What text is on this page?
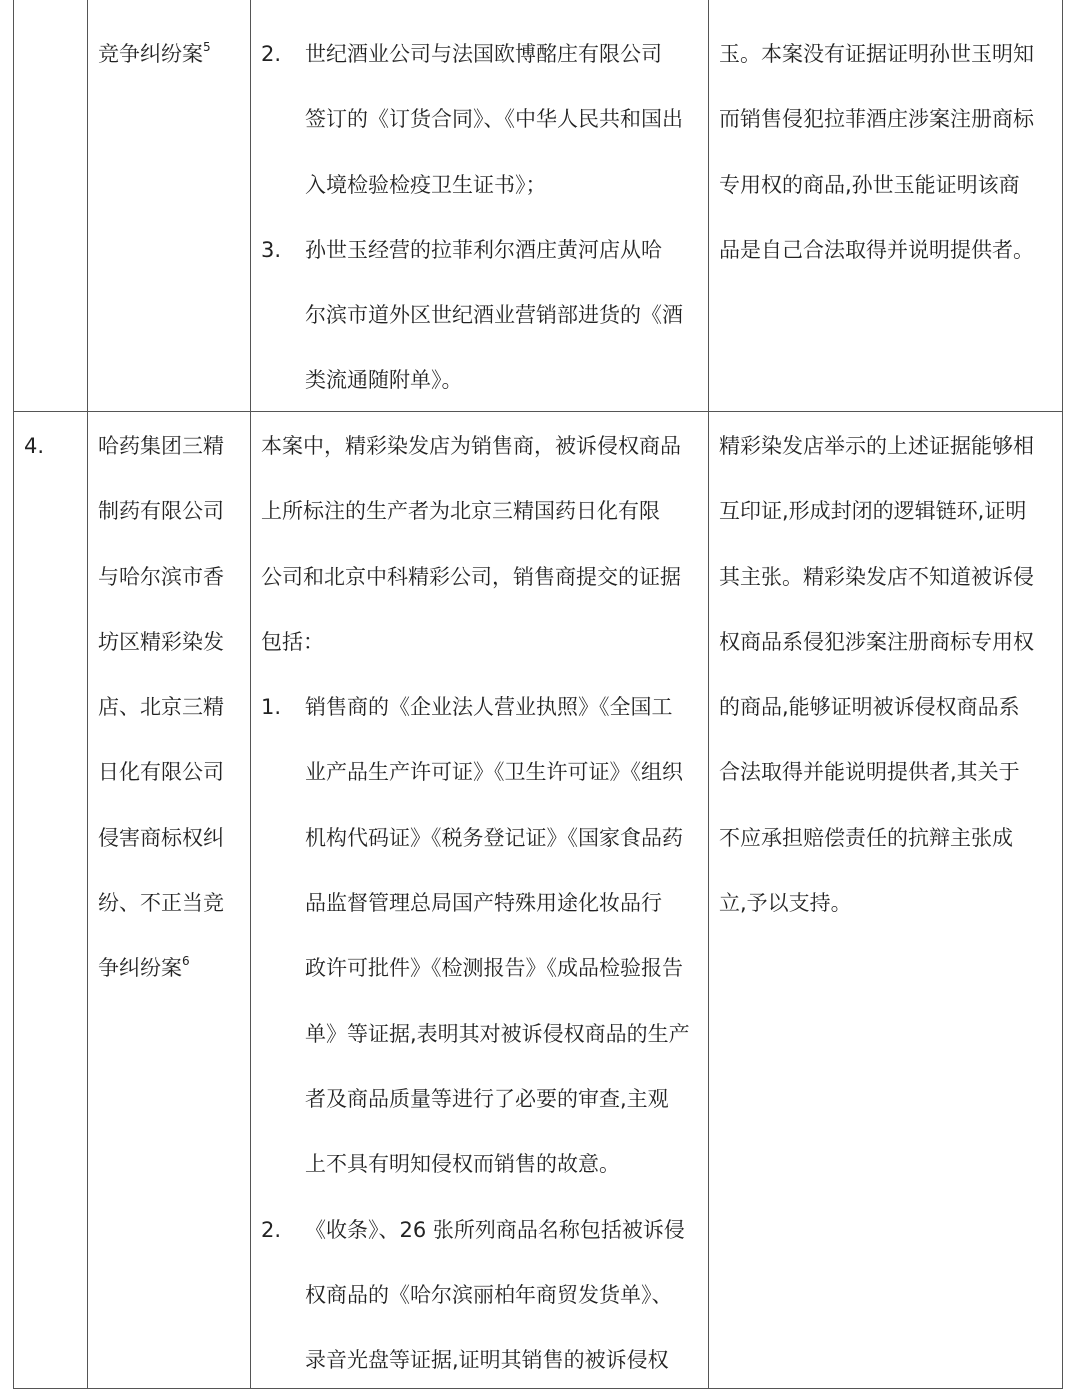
竞争纠纷案$^5$ 2. 世纪酒业公司与法国欧博酩庄有限公司
签订的《订货合同》、《中华人民共和国出
入境检验检疫卫生证书》；
3. 孙世玉经营的拉菲利尔酒庄黄河店从哈
尔滨市道外区世纪酒业营销部进货的《酒
类流通随附单》。
玉。本案没有证据证明孙世玉明知
而销售侵犯拉菲酒庄涉案注册商标
专用权的商品,孙世玉能证明该商
品是自己合法取得并说明提供者。
4.	哈药集团三精
制药有限公司
与哈尔滨市香
坊区精彩染发
店、北京三精
日化有限公司
侵害商标权纠
纷、不正当竞
争纠纷案$^6$
本案中，精彩染发店为销售商，被诉侵权商品
上所标注的生产者为北京三精国药日化有限
公司和北京中科精彩公司，销售商提交的证据
包括：
1. 销售商的《企业法人营业执照》《全国工
业产品生产许可证》《卫生许可证》《组织
机构代码证》《税务登记证》《国家食品药
品监督管理总局国产特殊用途化妆品行
政许可批件》《检测报告》《成品检验报告
单》等证据,表明其对被诉侵权商品的生产
者及商品质量等进行了必要的审查,主观
上不具有明知侵权而销售的故意。
2. 《收条》、26 张所列商品名称包括被诉侵
权商品的《哈尔滨丽柏年商贸发货单》、
录音光盘等证据,证明其销售的被诉侵权
精彩染发店举示的上述证据能够相
互印证,形成封闭的逻辑链环,证明
其主张。精彩染发店不知道被诉侵
权商品系侵犯涉案注册商标专用权
的商品,能够证明被诉侵权商品系
合法取得并能说明提供者,其关于
不应承担赔偿责任的抗辩主张成
立,予以支持。
